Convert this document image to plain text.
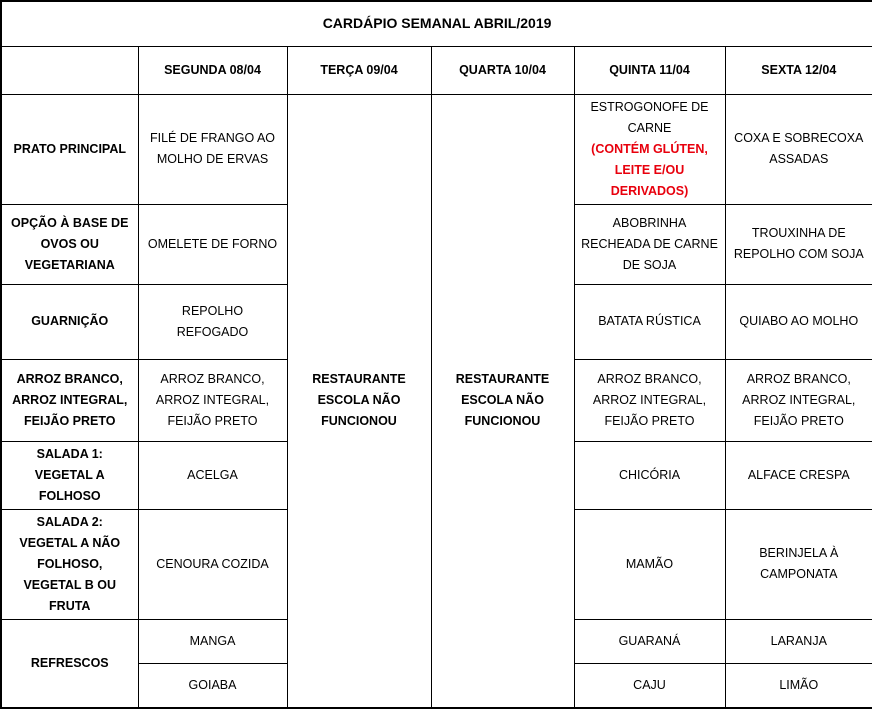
CARDÁPIO SEMANAL ABRIL/2019					
	SEGUNDA 08/04	TERÇA 09/04	QUARTA 10/04	QUINTA 11/04	SEXTA 12/04
PRATO PRINCIPAL	FILÉ DE FRANGO AO MOLHO DE ERVAS	RESTAURANTE ESCOLA NÃO FUNCIONOU	RESTAURANTE ESCOLA NÃO FUNCIONOU	ESTROGONOFE DE CARNE
(CONTÉM GLÚTEN, LEITE E/OU DERIVADOS)	COXA E SOBRECOXA ASSADAS
OPÇÃO À BASE DE OVOS OU VEGETARIANA	OMELETE DE FORNO			ABOBRINHA RECHEADA DE CARNE DE SOJA	TROUXINHA DE REPOLHO COM SOJA
GUARNIÇÃO	REPOLHO REFOGADO			BATATA RÚSTICA	QUIABO AO MOLHO
ARROZ BRANCO, ARROZ INTEGRAL, FEIJÃO PRETO	ARROZ BRANCO, ARROZ INTEGRAL, FEIJÃO PRETO			ARROZ BRANCO, ARROZ INTEGRAL, FEIJÃO PRETO	ARROZ BRANCO, ARROZ INTEGRAL, FEIJÃO PRETO
SALADA 1: VEGETAL A FOLHOSO	ACELGA			CHICÓRIA	ALFACE CRESPA
SALADA 2: VEGETAL A NÃO FOLHOSO, VEGETAL B OU FRUTA	CENOURA COZIDA			MAMÃO	BERINJELA À CAMPONATA
REFRESCOS	MANGA			GUARANÁ	LARANJA
	GOIABA			CAJU	LIMÃO
